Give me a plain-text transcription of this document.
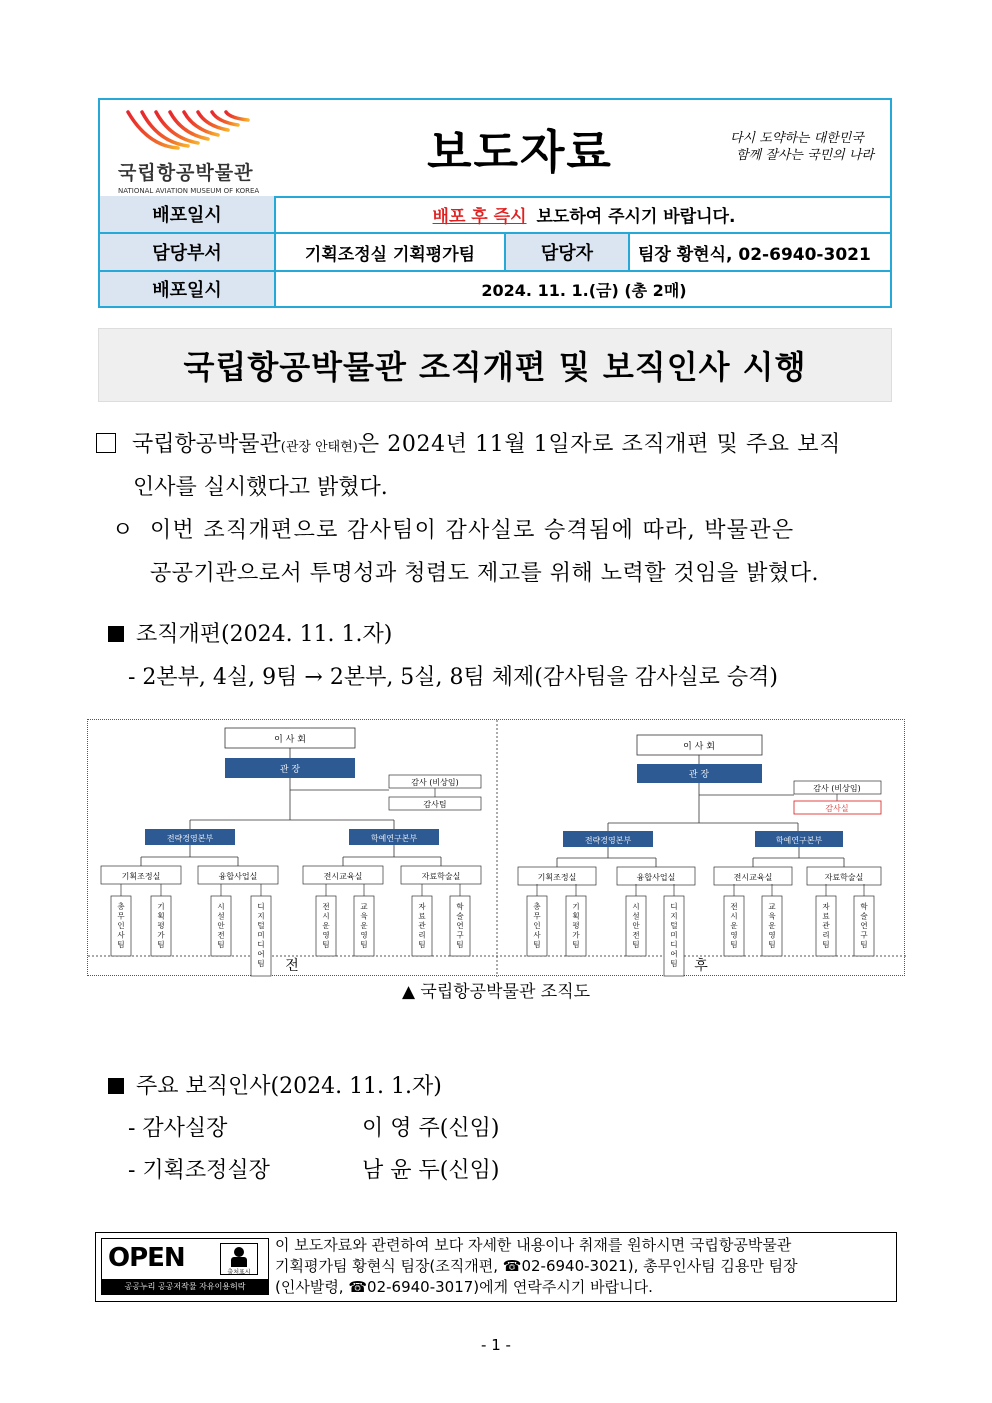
국립항공박물관
NATIONAL AVIATION MUSEUM OF KOREA
보도자료	다시 도약하는 대한민국
함께 잘사는 국민의 나라
배포일시	배포 후 즉시 보도하여 주시기 바랍니다.
담당부서	기획조정실 기획평가팀	담당자	팀장 황현식, 02-6940-3021
배포일시	2024. 11. 1.(금) (총 2매)
국립항공박물관 조직개편 및 보직인사 시행
국립항공박물관(관장 안태현)은 2024년 11월 1일자로 조직개편 및 주요 보직
인사를 실시했다고 밝혔다.
ㅇ 이번 조직개편으로 감사팀이 감사실로 승격됨에 따라, 박물관은
공공기관으로서 투명성과 청렴도 제고를 위해 노력할 것임을 밝혔다.
조직개편(2024. 11. 1.자)
- 2본부, 4실, 9팀 → 2본부, 5실, 8팀 체제(감사팀을 감사실로 승격)
이 사 회
관 장
감사 (비상임)
감사팀
전략경영본부	학예연구본부
기획조정실	융합사업실	전시교육실	자료학술실
총 무 인 사 팀
기 획 평 가 팀
시 설 안 전 팀
디 지 털 미 디 어 팀
전 시 운 영 팀
교 육 운 영 팀
자 료 관 리 팀
학 술 연 구 팀
이 사 회
관 장
감사 (비상임)
감사실
전략경영본부	학예연구본부
기획조정실	융합사업실	전시교육실	자료학술실
총 무 인 사 팀
기 획 평 가 팀
시 설 안 전 팀
디 지 털 미 디 어 팀
전 시 운 영 팀
교 육 운 영 팀
자 료 관 리 팀
학 술 연 구 팀
전	후
▲ 국립항공박물관 조직도
주요 보직인사(2024. 11. 1.자)
- 감사실장	이 영 주(신임)
- 기획조정실장	남 윤 두(신임)
OPEN	출처표시
공공누리 공공저작물 자유이용허락
이 보도자료와 관련하여 보다 자세한 내용이나 취재를 원하시면 국립항공박물관
기획평가팀 황현식 팀장(조직개편, ☎02-6940-3021), 총무인사팀 김용만 팀장
(인사발령, ☎02-6940-3017)에게 연락주시기 바랍니다.
- 1 -
